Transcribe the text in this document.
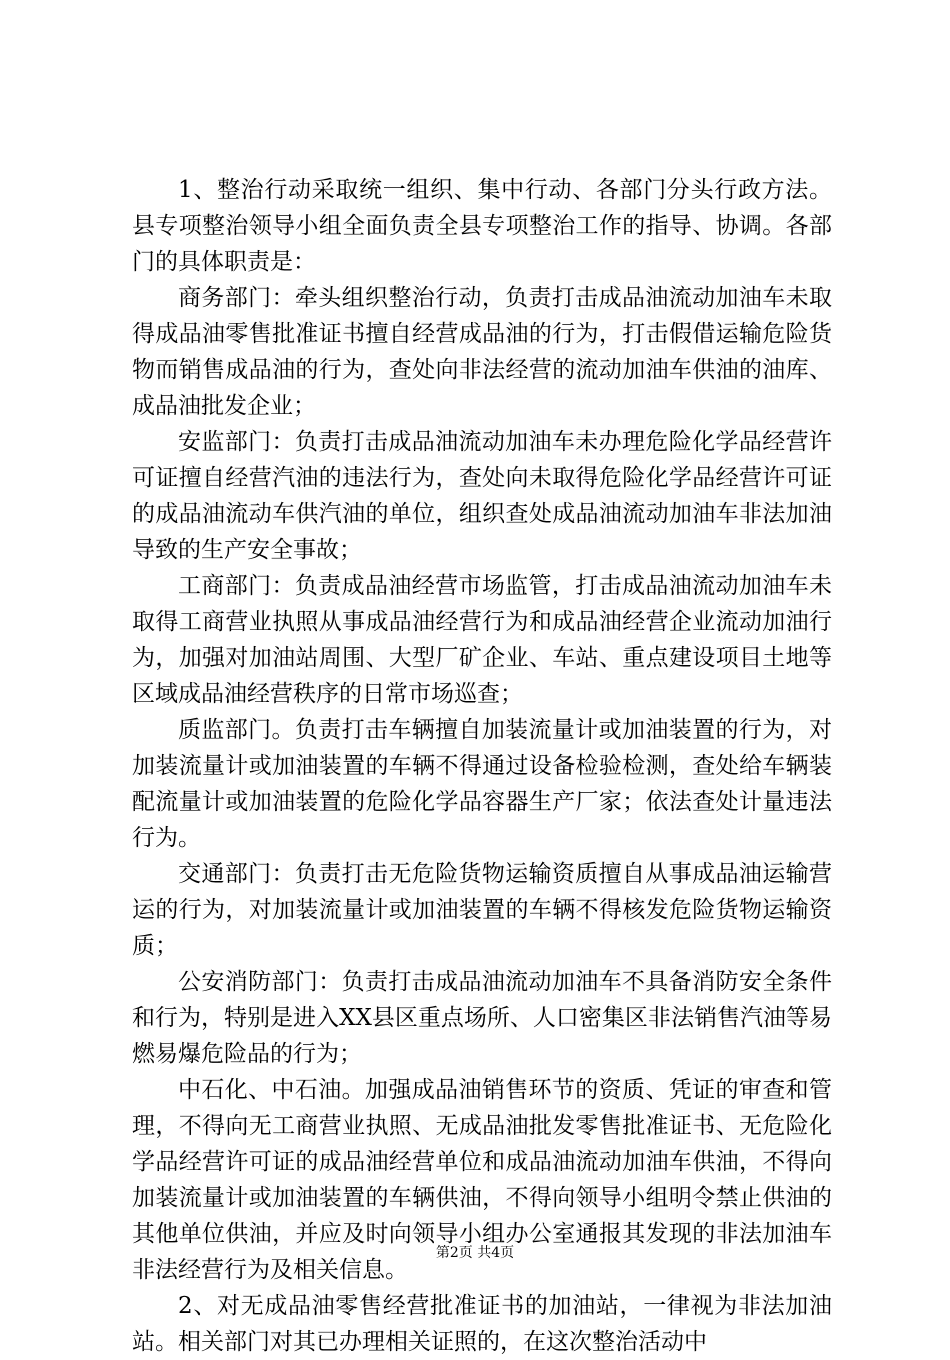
1、整治行动采取统一组织、集中行动、各部门分头行政方法。县专项整治领导小组全面负责全县专项整治工作的指导、协调。各部门的具体职责是：

商务部门：牵头组织整治行动，负责打击成品油流动加油车未取得成品油零售批准证书擅自经营成品油的行为，打击假借运输危险货物而销售成品油的行为，查处向非法经营的流动加油车供油的油库、成品油批发企业；

安监部门：负责打击成品油流动加油车未办理危险化学品经营许可证擅自经营汽油的违法行为，查处向未取得危险化学品经营许可证的成品油流动车供汽油的单位，组织查处成品油流动加油车非法加油导致的生产安全事故；

工商部门：负责成品油经营市场监管，打击成品油流动加油车未取得工商营业执照从事成品油经营行为和成品油经营企业流动加油行为，加强对加油站周围、大型厂矿企业、车站、重点建设项目土地等区域成品油经营秩序的日常市场巡查；

质监部门。负责打击车辆擅自加装流量计或加油装置的行为，对加装流量计或加油装置的车辆不得通过设备检验检测，查处给车辆装配流量计或加油装置的危险化学品容器生产厂家；依法查处计量违法行为。

交通部门：负责打击无危险货物运输资质擅自从事成品油运输营运的行为，对加装流量计或加油装置的车辆不得核发危险货物运输资质；

公安消防部门：负责打击成品油流动加油车不具备消防安全条件和行为，特别是进入XX县区重点场所、人口密集区非法销售汽油等易燃易爆危险品的行为；

中石化、中石油。加强成品油销售环节的资质、凭证的审查和管理，不得向无工商营业执照、无成品油批发零售批准证书、无危险化学品经营许可证的成品油经营单位和成品油流动加油车供油，不得向加装流量计或加油装置的车辆供油，不得向领导小组明令禁止供油的其他单位供油，并应及时向领导小组办公室通报其发现的非法加油车非法经营行为及相关信息。

2、对无成品油零售经营批准证书的加油站，一律视为非法加油站。相关部门对其已办理相关证照的，在这次整治活动中

第2页 共4页
